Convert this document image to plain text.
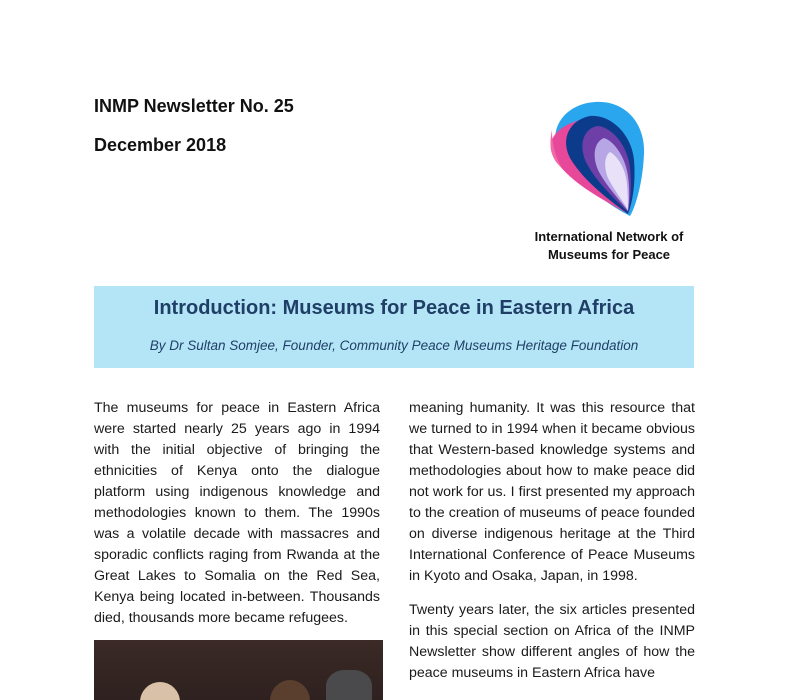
INMP Newsletter No. 25
December 2018
International Network of
Museums for Peace
Introduction: Museums for Peace in Eastern Africa
By Dr Sultan Somjee, Founder, Community Peace Museums Heritage Foundation

The museums for peace in Eastern Africa were started nearly 25 years ago in 1994 with the initial objective of bringing the ethnicities of Kenya onto the dialogue platform using indigenous knowledge and methodologies known to them. The 1990s was a volatile decade with massacres and sporadic conflicts raging from Rwanda at the Great Lakes to Somalia on the Red Sea, Kenya being located in-between. Thousands died, thousands more became refugees.

meaning humanity. It was this resource that we turned to in 1994 when it became obvious that Western-based knowledge systems and methodologies about how to make peace did not work for us. I first presented my approach to the creation of museums of peace founded on diverse indigenous heritage at the Third International Conference of Peace Museums in Kyoto and Osaka, Japan, in 1998.

Twenty years later, the six articles presented in this special section on Africa of the INMP Newsletter show different angles of how the peace museums in Eastern Africa have
